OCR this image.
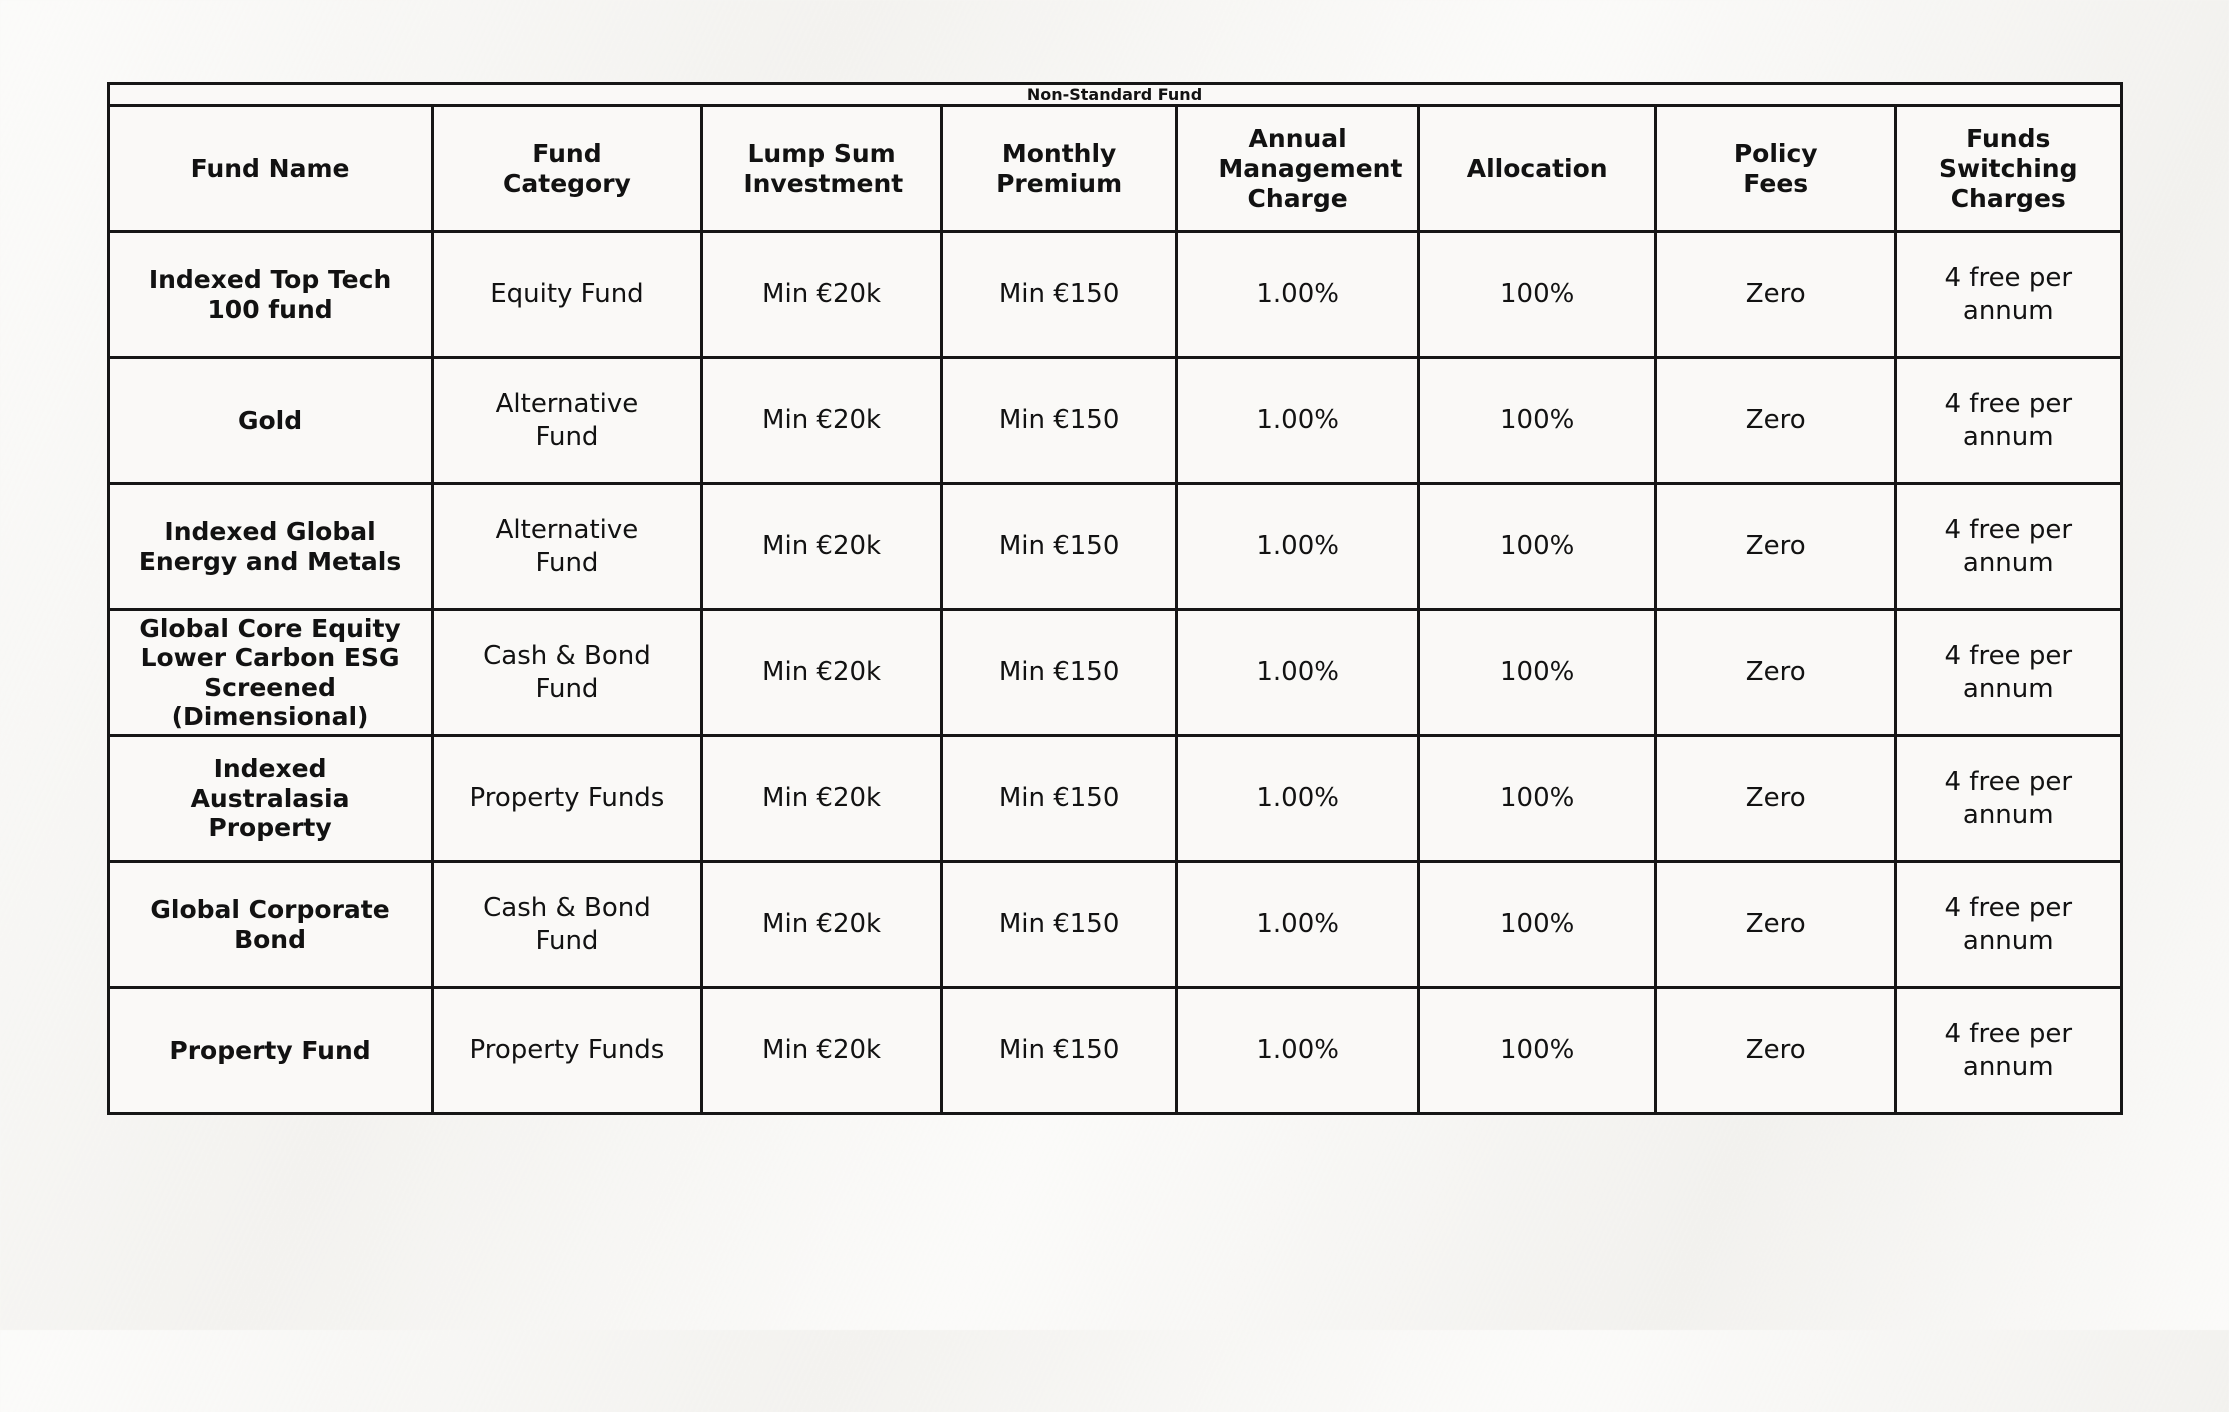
Non-Standard Fund							
Fund Name	Fund Category	Lump Sum Investment	Monthly Premium	Annual Management Charge	Allocation	Policy Fees	Funds Switching Charges
Indexed Top Tech 100 fund	Equity Fund	Min €20k	Min €150	1.00%	100%	Zero	4 free per annum
Gold	Alternative Fund	Min €20k	Min €150	1.00%	100%	Zero	4 free per annum
Indexed Global Energy and Metals	Alternative Fund	Min €20k	Min €150	1.00%	100%	Zero	4 free per annum
Global Core Equity Lower Carbon ESG Screened (Dimensional)	Cash & Bond Fund	Min €20k	Min €150	1.00%	100%	Zero	4 free per annum
Indexed Australasia Property	Property Funds	Min €20k	Min €150	1.00%	100%	Zero	4 free per annum
Global Corporate Bond	Cash & Bond Fund	Min €20k	Min €150	1.00%	100%	Zero	4 free per annum
Property Fund	Property Funds	Min €20k	Min €150	1.00%	100%	Zero	4 free per annum
